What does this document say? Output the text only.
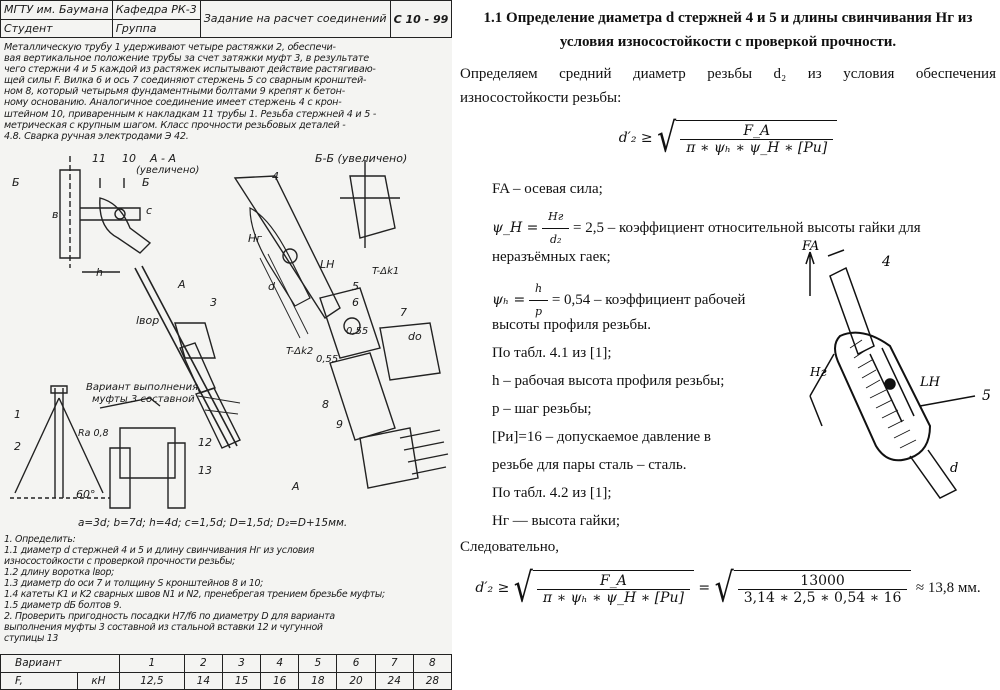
МГТУ им. Баумана	Кафедра РК-3	Задание на расчет соединений	С 10 - 99
Студент	Группа		

Металлическую трубу 1 удерживают четыре растяжки 2, обеспечи-

вая вертикальное положение трубы за счет затяжки муфт 3, в результате

чего стержни 4 и 5 каждой из растяжек испытывают действие растягиваю-

щей силы F. Вилка 6 и ось 7 соединяют стержень 5 со сварным кронштей-

ном 8, который четырьмя фундаментными болтами 9 крепят к бетон-

ному основанию. Аналогичное соединение имеет стержень 4 с крон-

штейном 10, приваренным к накладкам 11 трубы 1. Резьба стержней 4 и 5 -

метрическая с крупным шагом. Класс прочности резьбовых деталей -

4.8. Сварка ручная электродами Э 42.

А - А
(увеличено)
Б-Б (увеличено)
Б	Б
11 10
4
5
6
7
3
1
2
8
12
13
9
А
А
h
в	с
LH
Hг
lвор
T-Δk1
T-Δk2
do
d
0,55
0,55
60°
Ra 0,8
Вариант выполнения
муфты 3 составной
a=3d; b=7d; h=4d; c=1,5d; D=1,5d; D₂=D+15мм.

1. Определить:

1.1 диаметр d стержней 4 и 5 и длину свинчивания Hг из условия

износостойкости с проверкой прочности резьбы;

1.2 длину воротка lвор;

1.3 диаметр do оси 7 и толщину S кронштейнов 8 и 10;

1.4 катеты K1 и K2 сварных швов N1 и N2, пренебрегая трением брезьбе муфты;

1.5 диаметр dБ болтов 9.

2. Проверить пригодность посадки H7/f6 по диаметру D для варианта

выполнения муфты 3 составной из стальной вставки 12 и чугунной

ступицы 13

Вариант		1	2	3	4	5	6	7	8
F,	кН	12,5	14	15	16	18	20	24	28

1.1 Определение диаметра d стержней 4 и 5 и длины свинчивания Hг из

условия износостойкости с проверкой прочности.

Определяем средний диаметр резьбы d₂ из условия обеспечения

износостойкости резьбы:

d′₂ ≥ √ $\frac{F\_A}{\text{π ∗ ψₕ ∗ ψ\_H ∗ [Pи]}}$
FA – осевая сила;
ψ_H = $\frac{Hг}{\text{d₂}} = 2,5$ – коэффициент относительной высоты гайки для
неразъёмных гаек;
$\psi_h = \frac{h}{p} = 0,54$ – коэффициент рабочей
высоты профиля резьбы.
По табл. 4.1 из [1];
h – рабочая высота профиля резьбы;
p – шаг резьбы;
[Pи]=16 – допускаемое давление в
резьбе для пары сталь – сталь.
По табл. 4.2 из [1];
Hг — высота гайки;
Следовательно,
d′₂ ≥ √ $\frac{F\_A}{\text{π ∗ ψₕ ∗ ψ\_H ∗ [Pи]}}$ = √ $\frac{13000}{3,14 ∗ 2,5 ∗ 0,54 ∗ 16} \approx 13,8$ мм.
FA
4
5
LH
Hг
d
